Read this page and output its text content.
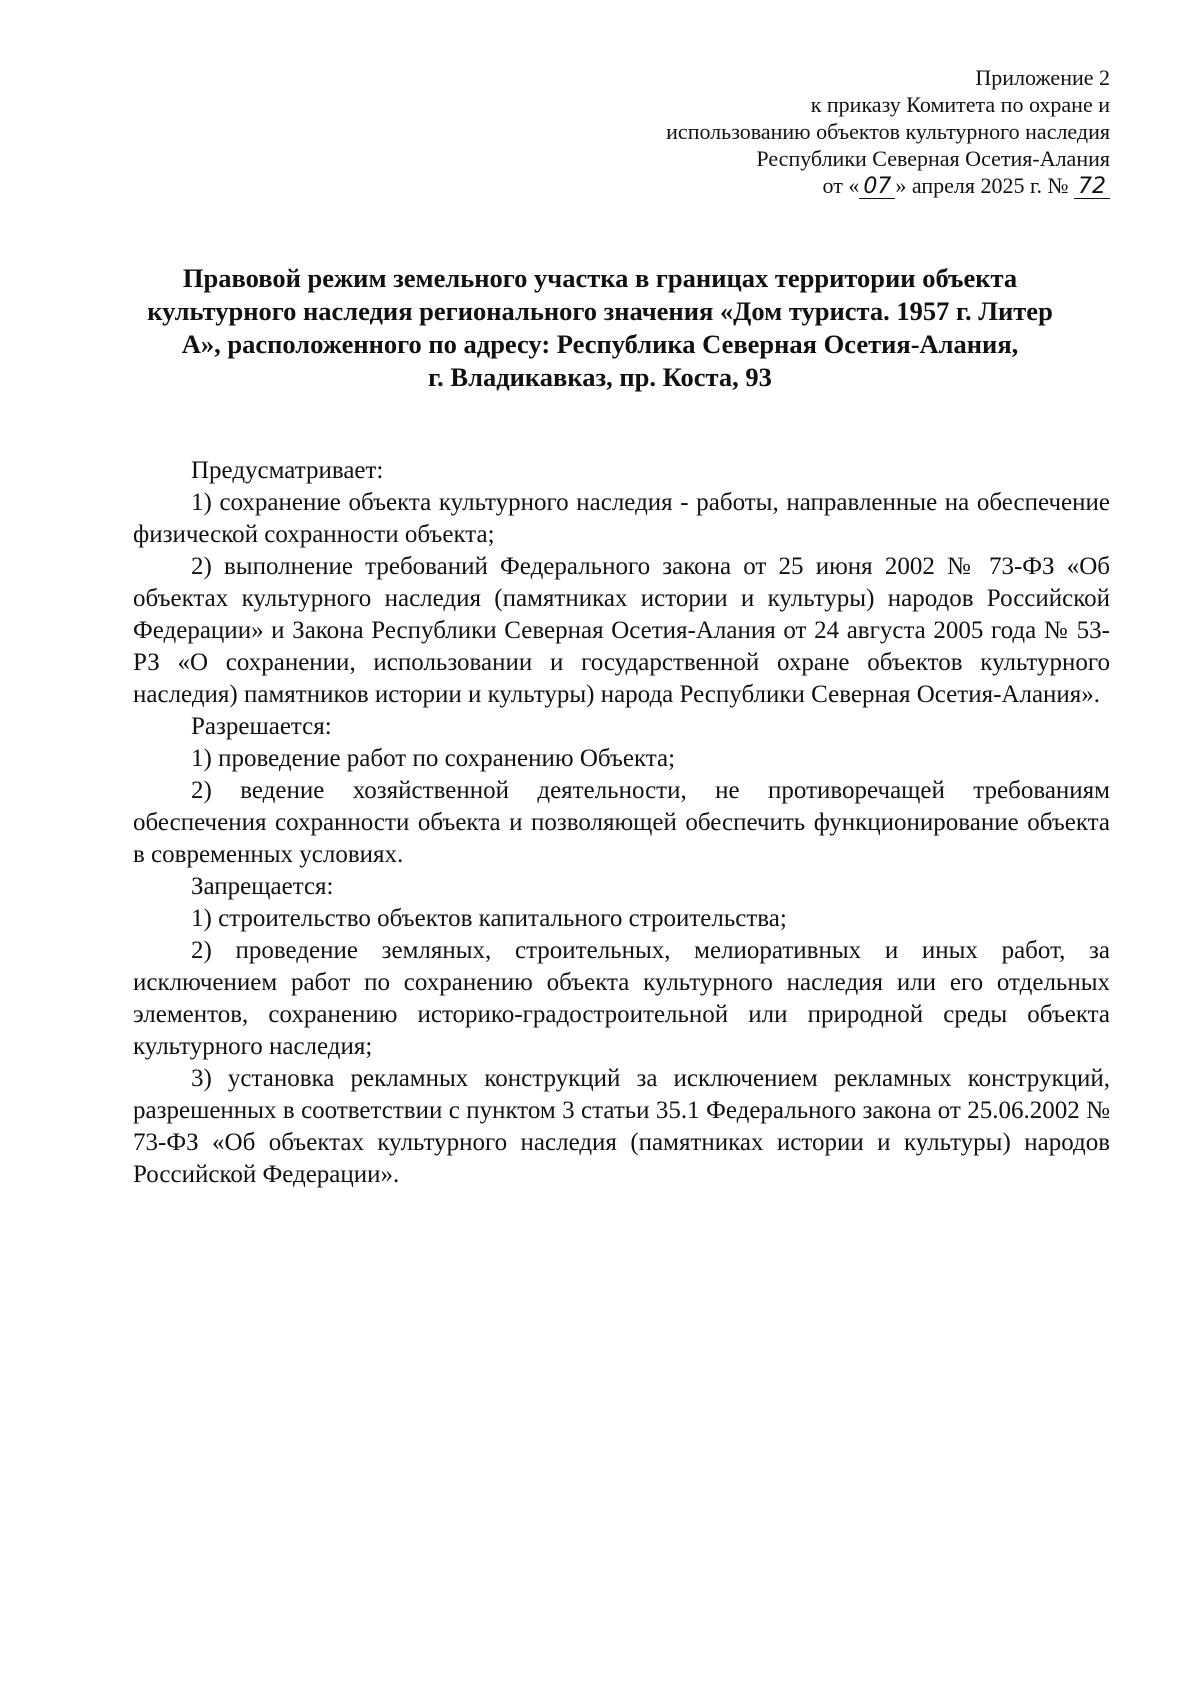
Приложение 2
к приказу Комитета по охране и
использованию объектов культурного наследия
Республики Северная Осетия-Алания
от « 07 » апреля 2025 г. № 72
Правовой режим земельного участка в границах территории объекта
культурного наследия регионального значения «Дом туриста. 1957 г. Литер
А», расположенного по адресу: Республика Северная Осетия-Алания,
г. Владикавказ, пр. Коста, 93

Предусматривает:

1) сохранение объекта культурного наследия - работы, направленные на обеспечение физической сохранности объекта;

2) выполнение требований Федерального закона от 25 июня 2002 № 73-ФЗ «Об объектах культурного наследия (памятниках истории и культуры) народов Российской Федерации» и Закона Республики Северная Осетия-Алания от 24 августа 2005 года № 53-РЗ «О сохранении, использовании и государственной охране объектов культурного наследия) памятников истории и культуры) народа Республики Северная Осетия-Алания».

Разрешается:

1) проведение работ по сохранению Объекта;

2) ведение хозяйственной деятельности, не противоречащей требованиям обеспечения сохранности объекта и позволяющей обеспечить функционирование объекта в современных условиях.

Запрещается:

1) строительство объектов капитального строительства;

2) проведение земляных, строительных, мелиоративных и иных работ, за исключением работ по сохранению объекта культурного наследия или его отдельных элементов, сохранению историко-градостроительной или природной среды объекта культурного наследия;

3) установка рекламных конструкций за исключением рекламных конструкций, разрешенных в соответствии с пунктом 3 статьи 35.1 Федерального закона от 25.06.2002 № 73-ФЗ «Об объектах культурного наследия (памятниках истории и культуры) народов Российской Федерации».
